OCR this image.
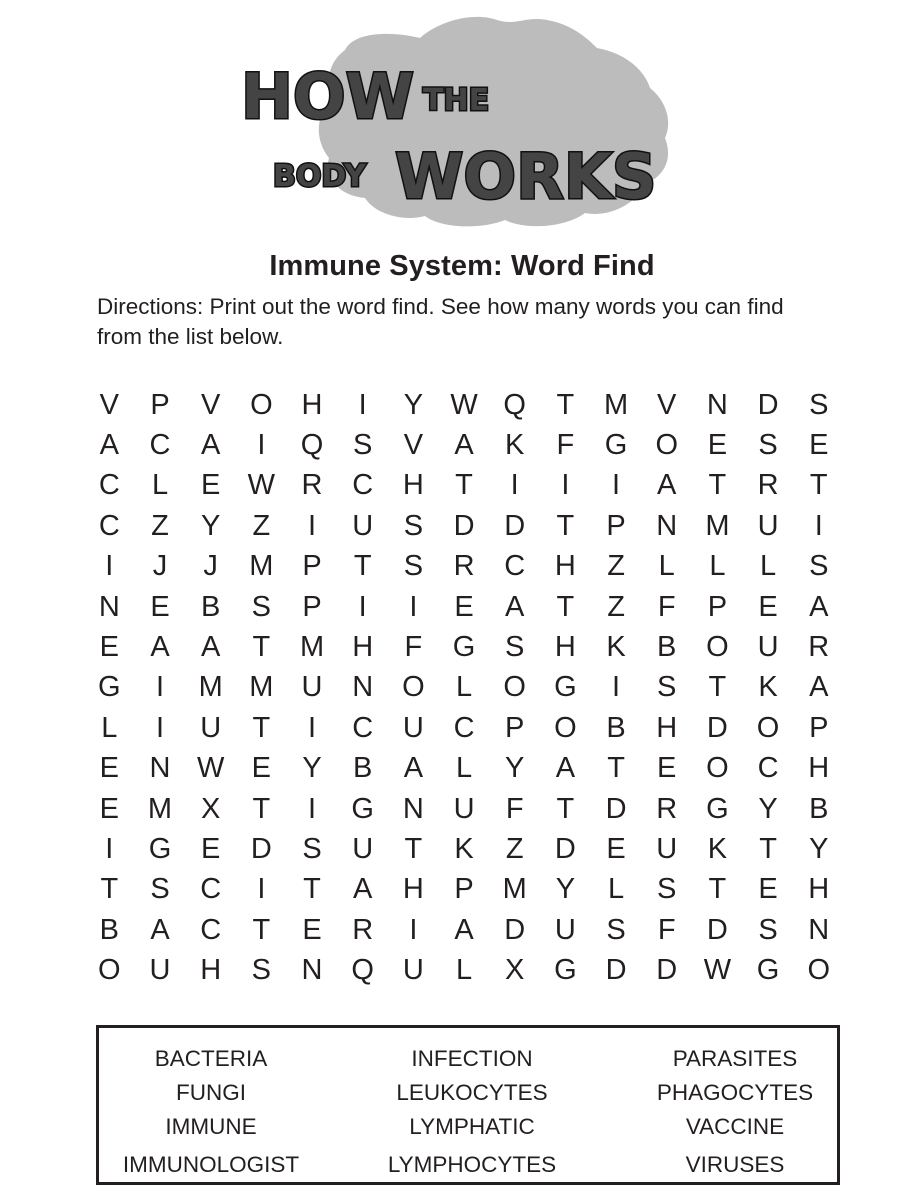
HOW THE
BODY WORKS
Immune System: Word Find
Directions: Print out the word find. See how many words you can find from the list below.
V	P	V	O H	I	Y W Q	T	M V	N	D	S
A	C	A	I	Q	S	V	A	K	F	G O	E	S	E
C	L	E W R	C	H	T	I	I	I	A	T	R	T
C	Z	Y	Z	I	U	S	D	D	T	P	N M U	I
I	J	J	M P	T	S	R	C	H	Z	L	L	L	S
N	E	B	S	P	I	I	E	A	T	Z	F	P	E	A
E	A	A	T	M H	F	G	S	H	K	B	O U	R
G	I	M M U	N O	L	O G	I	S	T	K	A
L	I	U	T	I	C	U	C	P	O	B	H	D O	P
E	N W E	Y	B	A	L	Y	A	T	E	O C	H
E M X	T	I	G N	U	F	T	D	R G	Y	B
I	G	E	D	S	U	T	K	Z	D	E	U	K	T	Y
T	S	C	I	T	A	H	P M Y	L	S	T	E	H
B	A	C	T	E	R	I	A	D	U	S	F	D	S	N
O U	H	S	N Q U	L	X	G D	D W G O
BACTERIA
FUNGI
IMMUNE
IMMUNOLOGIST
INFECTION
LEUKOCYTES
LYMPHATIC
LYMPHOCYTES
PARASITES
PHAGOCYTES
VACCINE
VIRUSES
